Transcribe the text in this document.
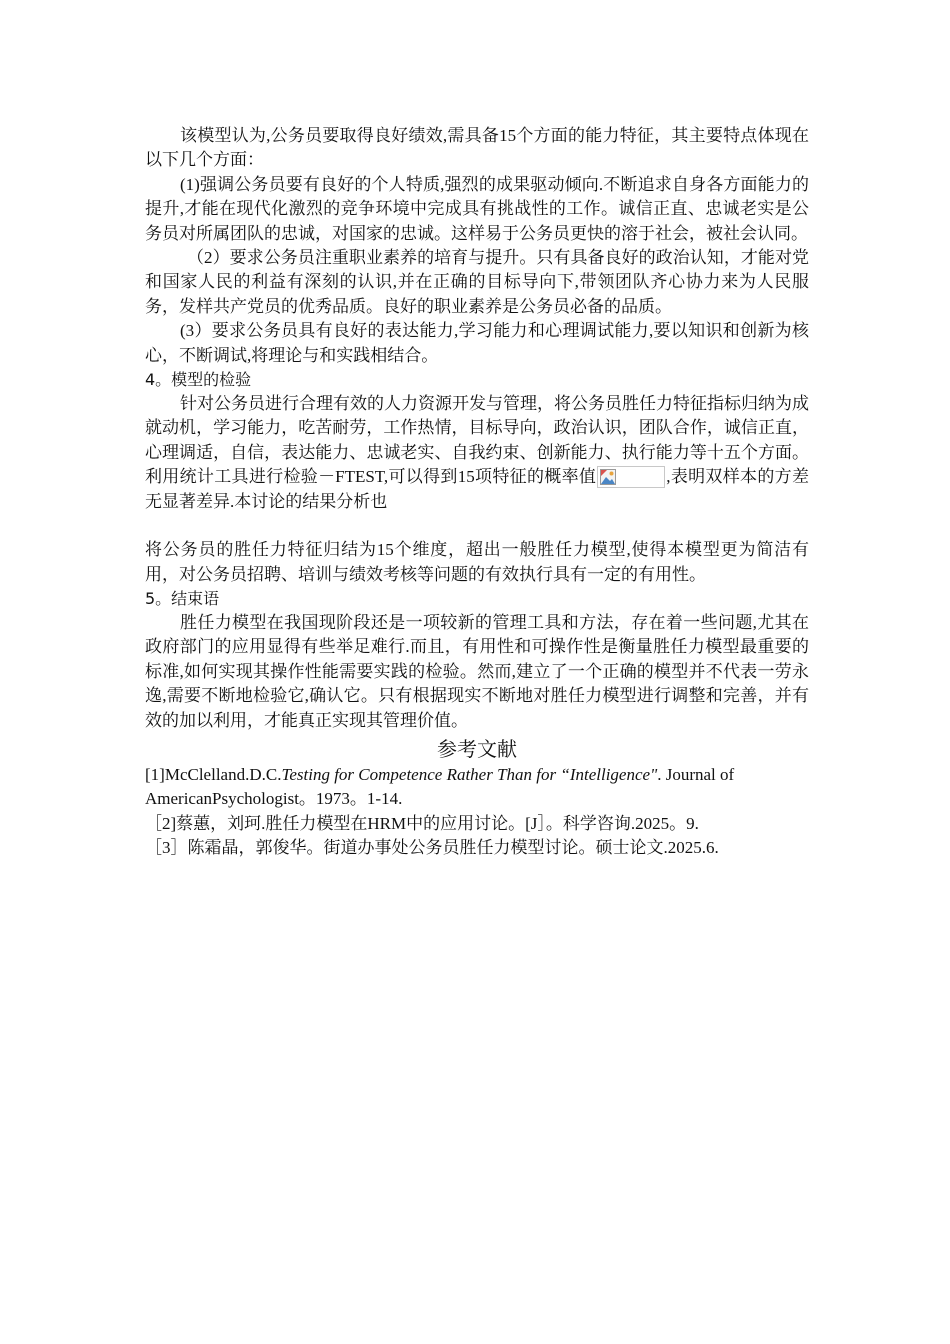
该模型认为,公务员要取得良好绩效,需具备15个方面的能力特征，其主要特点体现在以下几个方面：

(1)强调公务员要有良好的个人特质,强烈的成果驱动倾向.不断追求自身各方面能力的提升,才能在现代化激烈的竞争环境中完成具有挑战性的工作。诚信正直、忠诚老实是公务员对所属团队的忠诚，对国家的忠诚。这样易于公务员更快的溶于社会，被社会认同。

（2）要求公务员注重职业素养的培育与提升。只有具备良好的政治认知，才能对党和国家人民的利益有深刻的认识,并在正确的目标导向下,带领团队齐心协力来为人民服务，发样共产党员的优秀品质。良好的职业素养是公务员必备的品质。

(3）要求公务员具有良好的表达能力,学习能力和心理调试能力,要以知识和创新为核心，不断调试,将理论与和实践相结合。

4。模型的检验

针对公务员进行合理有效的人力资源开发与管理，将公务员胜任力特征指标归纳为成就动机，学习能力，吃苦耐劳，工作热情，目标导向，政治认识，团队合作，诚信正直，心理调适，自信，表达能力、忠诚老实、自我约束、创新能力、执行能力等十五个方面。利用统计工具进行检验－FTEST,可以得到15项特征的概率值	,表明双样本的方差无显著差异.本讨论的结果分析也

将公务员的胜任力特征归结为15个维度，超出一般胜任力模型,使得本模型更为简洁有用，对公务员招聘、培训与绩效考核等问题的有效执行具有一定的有用性。

5。结束语

胜任力模型在我国现阶段还是一项较新的管理工具和方法，存在着一些问题,尤其在政府部门的应用显得有些举足难行.而且，有用性和可操作性是衡量胜任力模型最重要的标准,如何实现其操作性能需要实践的检验。然而,建立了一个正确的模型并不代表一劳永逸,需要不断地检验它,确认它。只有根据现实不断地对胜任力模型进行调整和完善，并有效的加以利用，才能真正实现其管理价值。

参考文献

[1]McClelland.D.C.Testing for Competence Rather Than for “Intelligence". Journal of AmericanPsychologist。1973。1-14.

［2]蔡蕙，刘珂.胜任力模型在HRM中的应用讨论。[J］。科学咨询.2025。9.

［3］陈霜晶，郭俊华。街道办事处公务员胜任力模型讨论。硕士论文.2025.6.
